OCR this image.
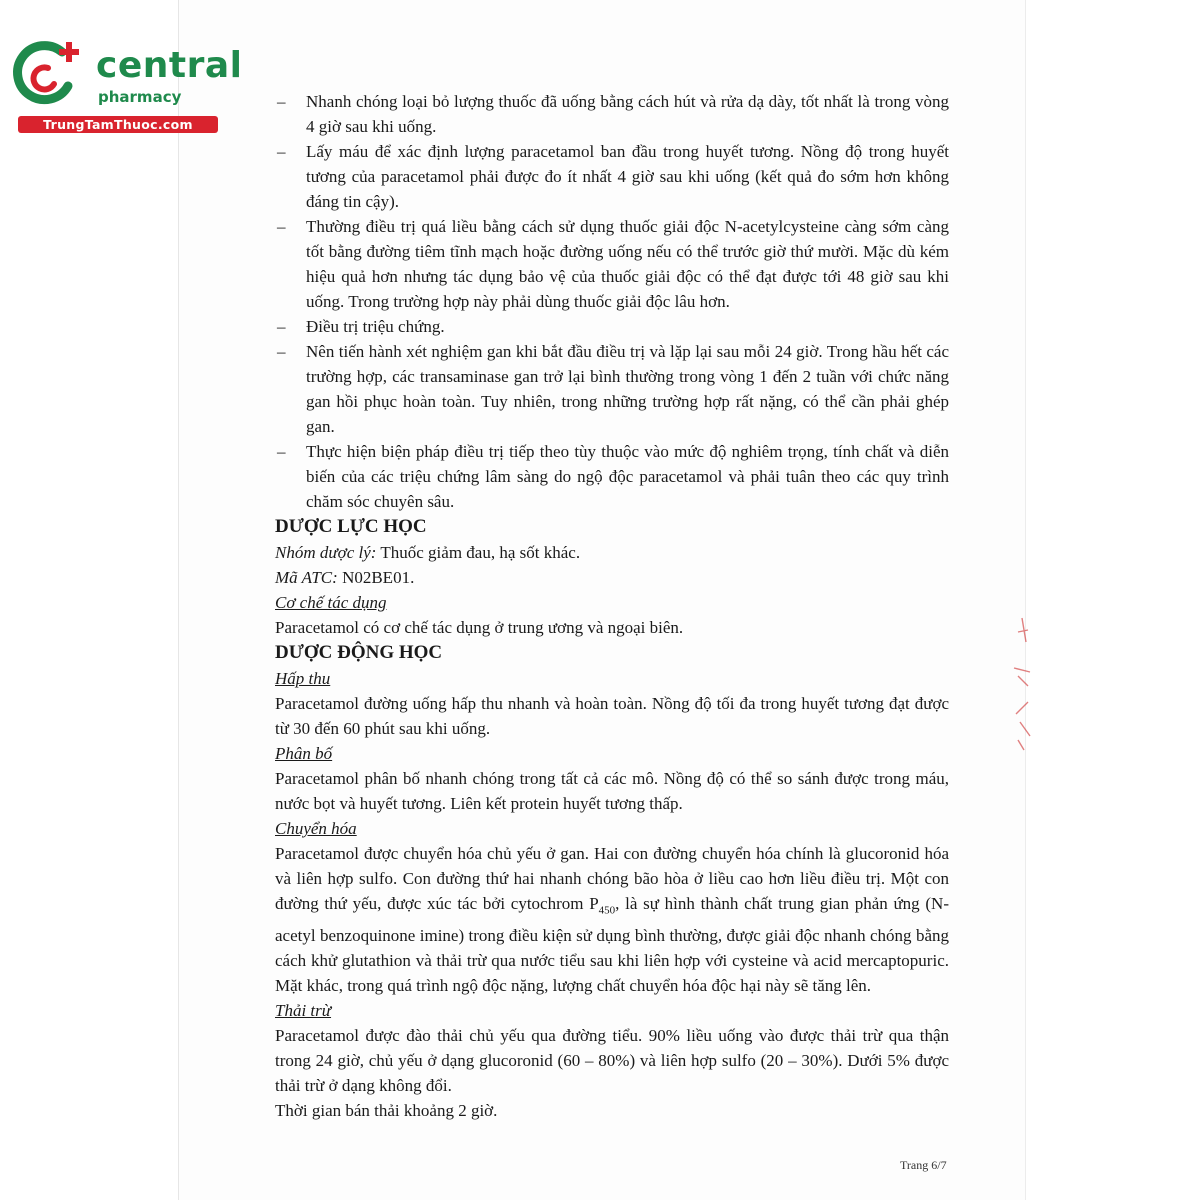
central
pharmacy
TrungTamThuoc.com
– Nhanh chóng loại bỏ lượng thuốc đã uống bằng cách hút và rửa dạ dày, tốt nhất là trong vòng 4 giờ sau khi uống.
– Lấy máu để xác định lượng paracetamol ban đầu trong huyết tương. Nồng độ trong huyết tương của paracetamol phải được đo ít nhất 4 giờ sau khi uống (kết quả đo sớm hơn không đáng tin cậy).
– Thường điều trị quá liều bằng cách sử dụng thuốc giải độc N-acetylcysteine càng sớm càng tốt bằng đường tiêm tĩnh mạch hoặc đường uống nếu có thể trước giờ thứ mười. Mặc dù kém hiệu quả hơn nhưng tác dụng bảo vệ của thuốc giải độc có thể đạt được tới 48 giờ sau khi uống. Trong trường hợp này phải dùng thuốc giải độc lâu hơn.
– Điều trị triệu chứng.
– Nên tiến hành xét nghiệm gan khi bắt đầu điều trị và lặp lại sau mỗi 24 giờ. Trong hầu hết các trường hợp, các transaminase gan trở lại bình thường trong vòng 1 đến 2 tuần với chức năng gan hồi phục hoàn toàn. Tuy nhiên, trong những trường hợp rất nặng, có thể cần phải ghép gan.
– Thực hiện biện pháp điều trị tiếp theo tùy thuộc vào mức độ nghiêm trọng, tính chất và diễn biến của các triệu chứng lâm sàng do ngộ độc paracetamol và phải tuân theo các quy trình chăm sóc chuyên sâu.

DƯỢC LỰC HỌC

Nhóm dược lý: Thuốc giảm đau, hạ sốt khác.

Mã ATC: N02BE01.

Cơ chế tác dụng

Paracetamol có cơ chế tác dụng ở trung ương và ngoại biên.

DƯỢC ĐỘNG HỌC

Hấp thu

Paracetamol đường uống hấp thu nhanh và hoàn toàn. Nồng độ tối đa trong huyết tương đạt được từ 30 đến 60 phút sau khi uống.

Phân bố

Paracetamol phân bố nhanh chóng trong tất cả các mô. Nồng độ có thể so sánh được trong máu, nước bọt và huyết tương. Liên kết protein huyết tương thấp.

Chuyển hóa

Paracetamol được chuyển hóa chủ yếu ở gan. Hai con đường chuyển hóa chính là glucoronid hóa và liên hợp sulfo. Con đường thứ hai nhanh chóng bão hòa ở liều cao hơn liều điều trị. Một con đường thứ yếu, được xúc tác bởi cytochrom $P_{450}$, là sự hình thành chất trung gian phản ứng (N-acetyl benzoquinone imine) trong điều kiện sử dụng bình thường, được giải độc nhanh chóng bằng cách khử glutathion và thải trừ qua nước tiểu sau khi liên hợp với cysteine và acid mercaptopuric. Mặt khác, trong quá trình ngộ độc nặng, lượng chất chuyển hóa độc hại này sẽ tăng lên.

Thải trừ

Paracetamol được đào thải chủ yếu qua đường tiểu. 90% liều uống vào được thải trừ qua thận trong 24 giờ, chủ yếu ở dạng glucoronid (60 – 80%) và liên hợp sulfo (20 – 30%). Dưới 5% được thải trừ ở dạng không đổi.

Thời gian bán thải khoảng 2 giờ.

Trang 6/7
